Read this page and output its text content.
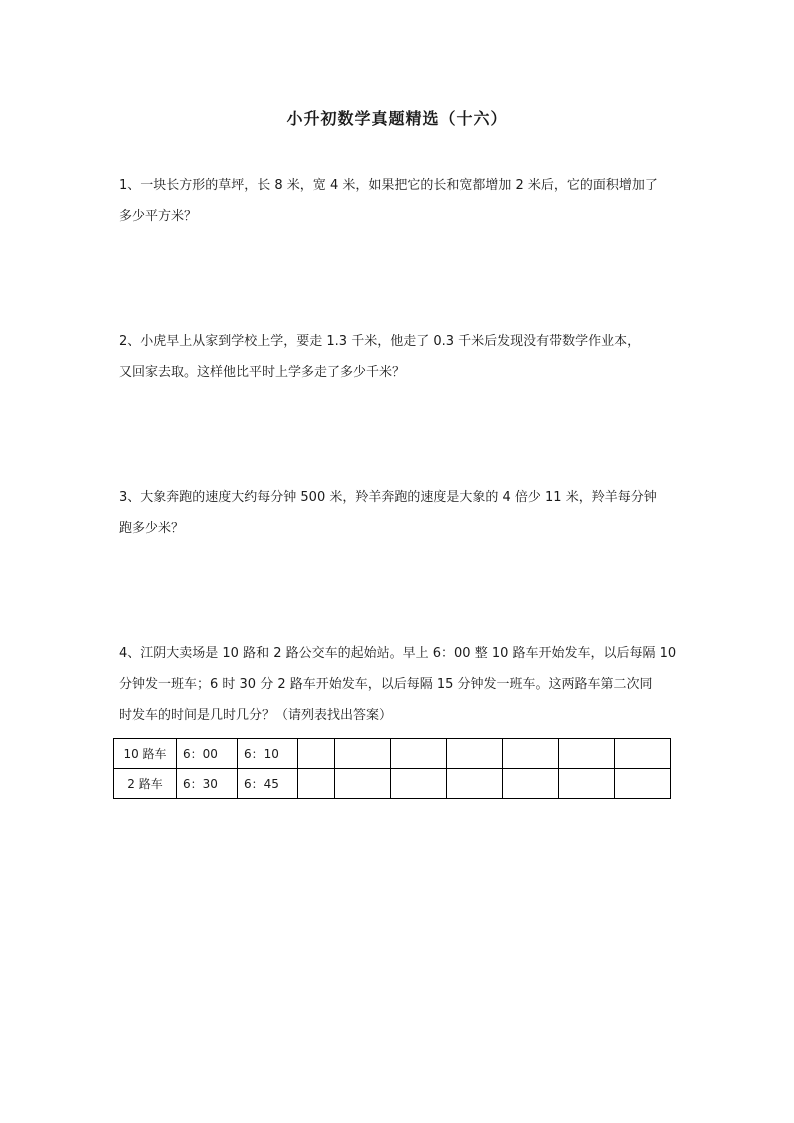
小升初数学真题精选（十六）
1、一块长方形的草坪，长 8 米，宽 4 米，如果把它的长和宽都增加 2 米后，它的面积增加了
多少平方米？
2、小虎早上从家到学校上学，要走 1.3 千米，他走了 0.3 千米后发现没有带数学作业本，
又回家去取。这样他比平时上学多走了多少千米？
3、大象奔跑的速度大约每分钟 500 米，羚羊奔跑的速度是大象的 4 倍少 11 米，羚羊每分钟
跑多少米？
4、江阴大卖场是 10 路和 2 路公交车的起始站。早上 6：00 整 10 路车开始发车，以后每隔 10
分钟发一班车；6 时 30 分 2 路车开始发车，以后每隔 15 分钟发一班车。这两路车第二次同
时发车的时间是几时几分？（请列表找出答案）
10 路车	6：00	6：10							
2 路车	6：30	6：45							
